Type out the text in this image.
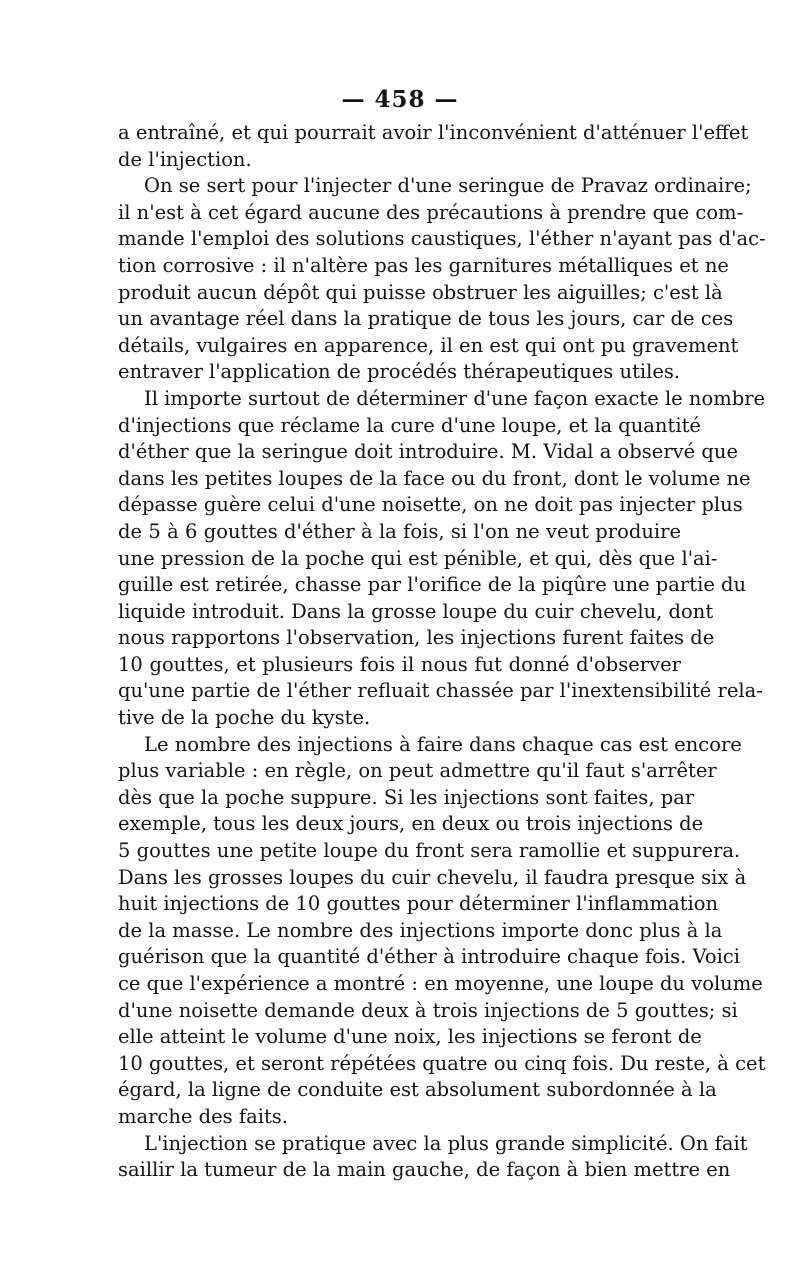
— 458 —
a entraîné, et qui pourrait avoir l'inconvénient d'atténuer l'effet
de l'injection.
On se sert pour l'injecter d'une seringue de Pravaz ordinaire;
il n'est à cet égard aucune des précautions à prendre que com-
mande l'emploi des solutions caustiques, l'éther n'ayant pas d'ac-
tion corrosive : il n'altère pas les garnitures métalliques et ne
produit aucun dépôt qui puisse obstruer les aiguilles; c'est là
un avantage réel dans la pratique de tous les jours, car de ces
détails, vulgaires en apparence, il en est qui ont pu gravement
entraver l'application de procédés thérapeutiques utiles.
Il importe surtout de déterminer d'une façon exacte le nombre
d'injections que réclame la cure d'une loupe, et la quantité
d'éther que la seringue doit introduire. M. Vidal a observé que
dans les petites loupes de la face ou du front, dont le volume ne
dépasse guère celui d'une noisette, on ne doit pas injecter plus
de 5 à 6 gouttes d'éther à la fois, si l'on ne veut produire
une pression de la poche qui est pénible, et qui, dès que l'ai-
guille est retirée, chasse par l'orifice de la piqûre une partie du
liquide introduit. Dans la grosse loupe du cuir chevelu, dont
nous rapportons l'observation, les injections furent faites de
10 gouttes, et plusieurs fois il nous fut donné d'observer
qu'une partie de l'éther refluait chassée par l'inextensibilité rela-
tive de la poche du kyste.
Le nombre des injections à faire dans chaque cas est encore
plus variable : en règle, on peut admettre qu'il faut s'arrêter
dès que la poche suppure. Si les injections sont faites, par
exemple, tous les deux jours, en deux ou trois injections de
5 gouttes une petite loupe du front sera ramollie et suppurera.
Dans les grosses loupes du cuir chevelu, il faudra presque six à
huit injections de 10 gouttes pour déterminer l'inflammation
de la masse. Le nombre des injections importe donc plus à la
guérison que la quantité d'éther à introduire chaque fois. Voici
ce que l'expérience a montré : en moyenne, une loupe du volume
d'une noisette demande deux à trois injections de 5 gouttes; si
elle atteint le volume d'une noix, les injections se feront de
10 gouttes, et seront répétées quatre ou cinq fois. Du reste, à cet
égard, la ligne de conduite est absolument subordonnée à la
marche des faits.
L'injection se pratique avec la plus grande simplicité. On fait
saillir la tumeur de la main gauche, de façon à bien mettre en
